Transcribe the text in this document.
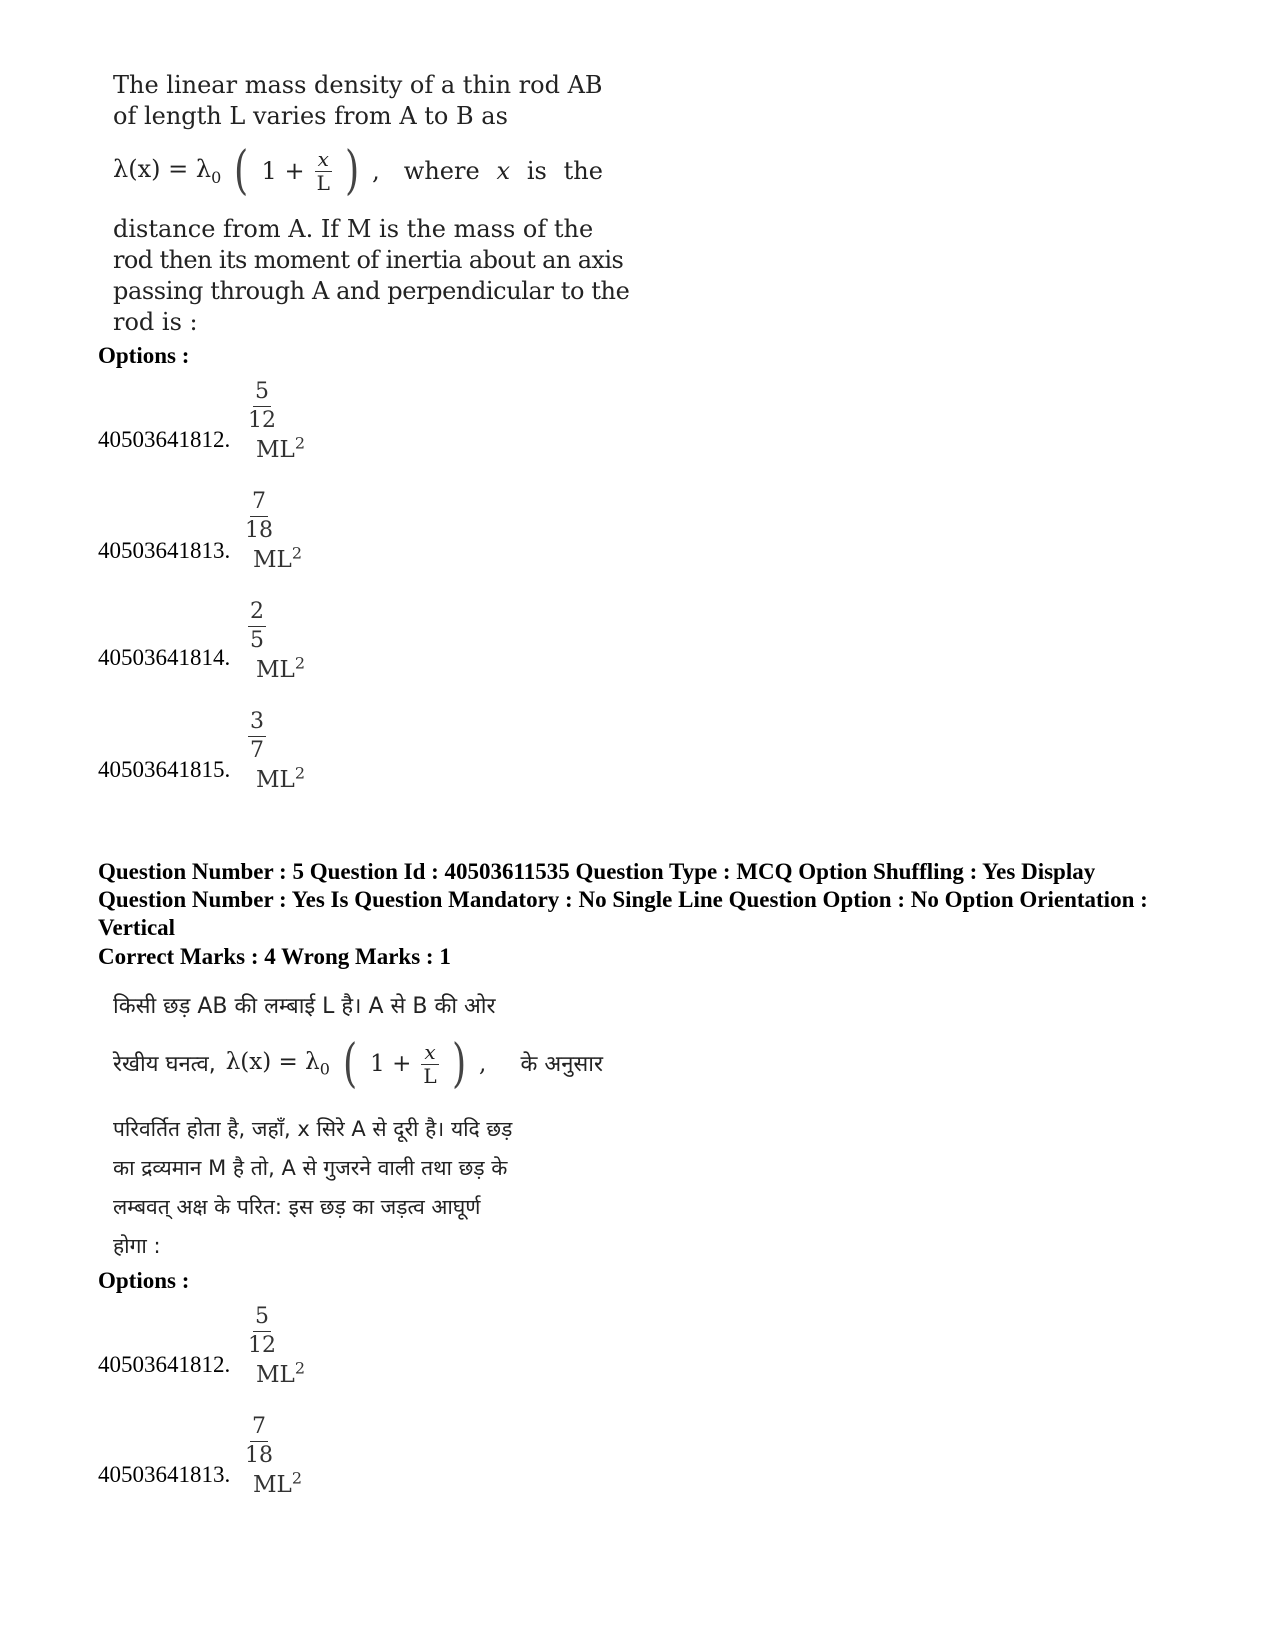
The linear mass density of a thin rod AB
of length L varies from A to B as
$\lambda(x) = \lambda_0$ ( $1 + \frac{x}{L}$ ) , where x is the
distance from A. If M is the mass of the
rod then its moment of inertia about an axis
passing through A and perpendicular to the
rod is :
Options :
$\frac{5}{12}$
$ML^2$
40503641812.
$\frac{7}{18}$
$ML^2$
40503641813.
$\frac{2}{5}$
$ML^2$
40503641814.
$\frac{3}{7}$
$ML^2$
40503641815.
Question Number : 5 Question Id : 40503611535 Question Type : MCQ Option Shuffling : Yes Display Question Number : Yes Is Question Mandatory : No Single Line Question Option : No Option Orientation : Vertical
Correct Marks : 4 Wrong Marks : 1
किसी छड़ AB की लम्बाई L है। A से B की ओर
रेखीय घनत्व, $\lambda(x) = \lambda_0$ ( $1 + \frac{x}{L}$ ) , के अनुसार
परिवर्तित होता है, जहाँ, x सिरे A से दूरी है। यदि छड़
का द्रव्यमान M है तो, A से गुजरने वाली तथा छड़ के
लम्बवत् अक्ष के परित: इस छड़ का जड़त्व आघूर्ण
होगा :
Options :
$\frac{5}{12}$
$ML^2$
40503641812.
$\frac{7}{18}$
$ML^2$
40503641813.
